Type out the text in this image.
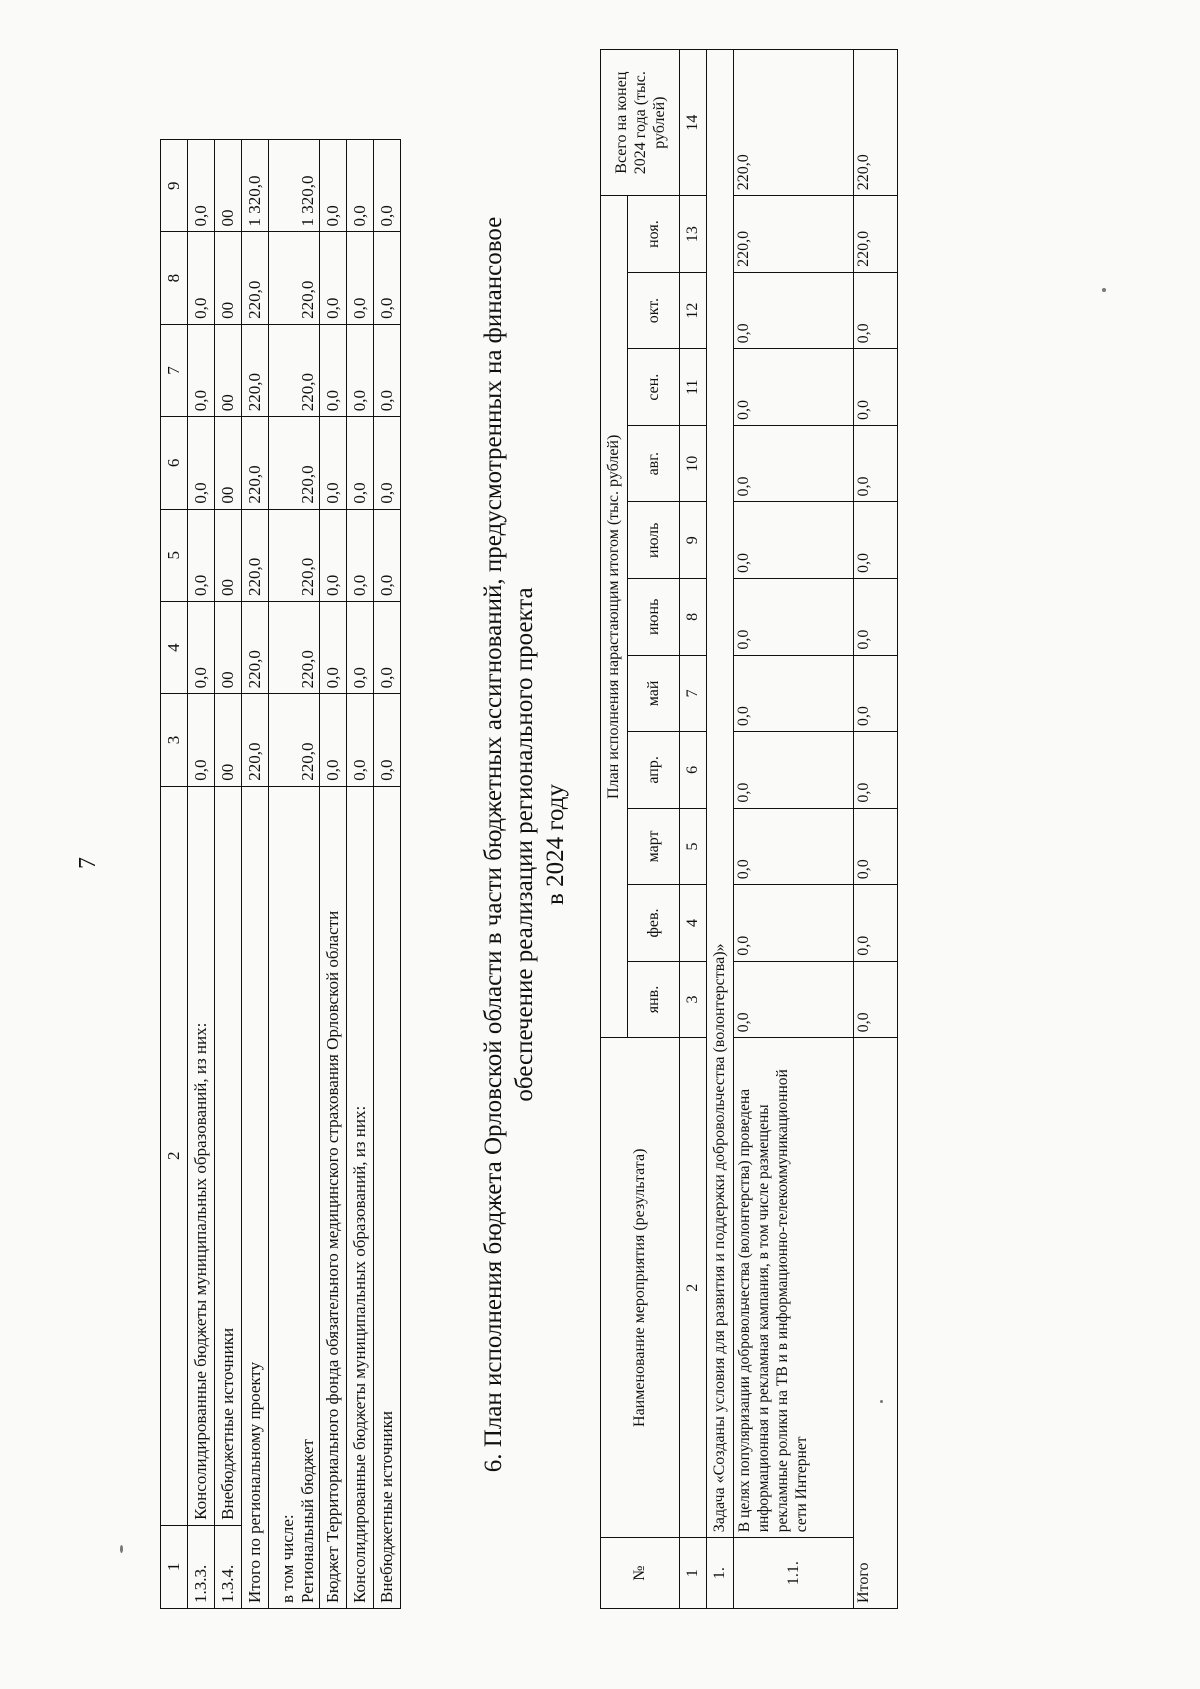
7
1	2	3	4	5	6	7	8	9
1.3.3.	Консолидированные бюджеты муниципальных образований, из них:	0,0	0,0	0,0	0,0	0,0	0,0	0,0
1.3.4.	Внебюджетные источники	00	00	00	00	00	00	00
Итого по региональному проекту		220,0	220,0	220,0	220,0	220,0	220,0	1 320,0

в том числе: Региональный бюджет		220,0	220,0	220,0	220,0	220,0	220,0	1 320,0
Бюджет Территориального фонда обязательного медицинского страхования Орловской области		0,0	0,0	0,0	0,0	0,0	0,0	0,0
Консолидированные бюджеты муниципальных образований, из них:		0,0	0,0	0,0	0,0	0,0	0,0	0,0
Внебюджетные источники		0,0	0,0	0,0	0,0	0,0	0,0	0,0
6. План исполнения бюджета Орловской области в части бюджетных ассигнований, предусмотренных на финансовое обеспечение реализации регионального проекта в 2024 году
№	Наименование мероприятия (результата)	План исполнения нарастающим итогом (тыс. рублей)											Всего на конец 2024 года (тыс. рублей)
		янв.	фев.	март	апр.	май	июнь	июль	авг.	сен.	окт.	ноя.	
1	2	3	4	5	6	7	8	9	10	11	12	13	14
1.	Задача «Созданы условия для развития и поддержки добровольчества (волонтерства)»												
1.1.	В целях популяризации добровольчества (волонтерства) проведена информационная и рекламная кампания, в том числе размещены рекламные ролики на ТВ и в информационно-телекоммуникационной сети Интернет	0,0	0,0	0,0	0,0	0,0	0,0	0,0	0,0	0,0	0,0	220,0	220,0
Итого		0,0	0,0	0,0	0,0	0,0	0,0	0,0	0,0	0,0	0,0	220,0	220,0
